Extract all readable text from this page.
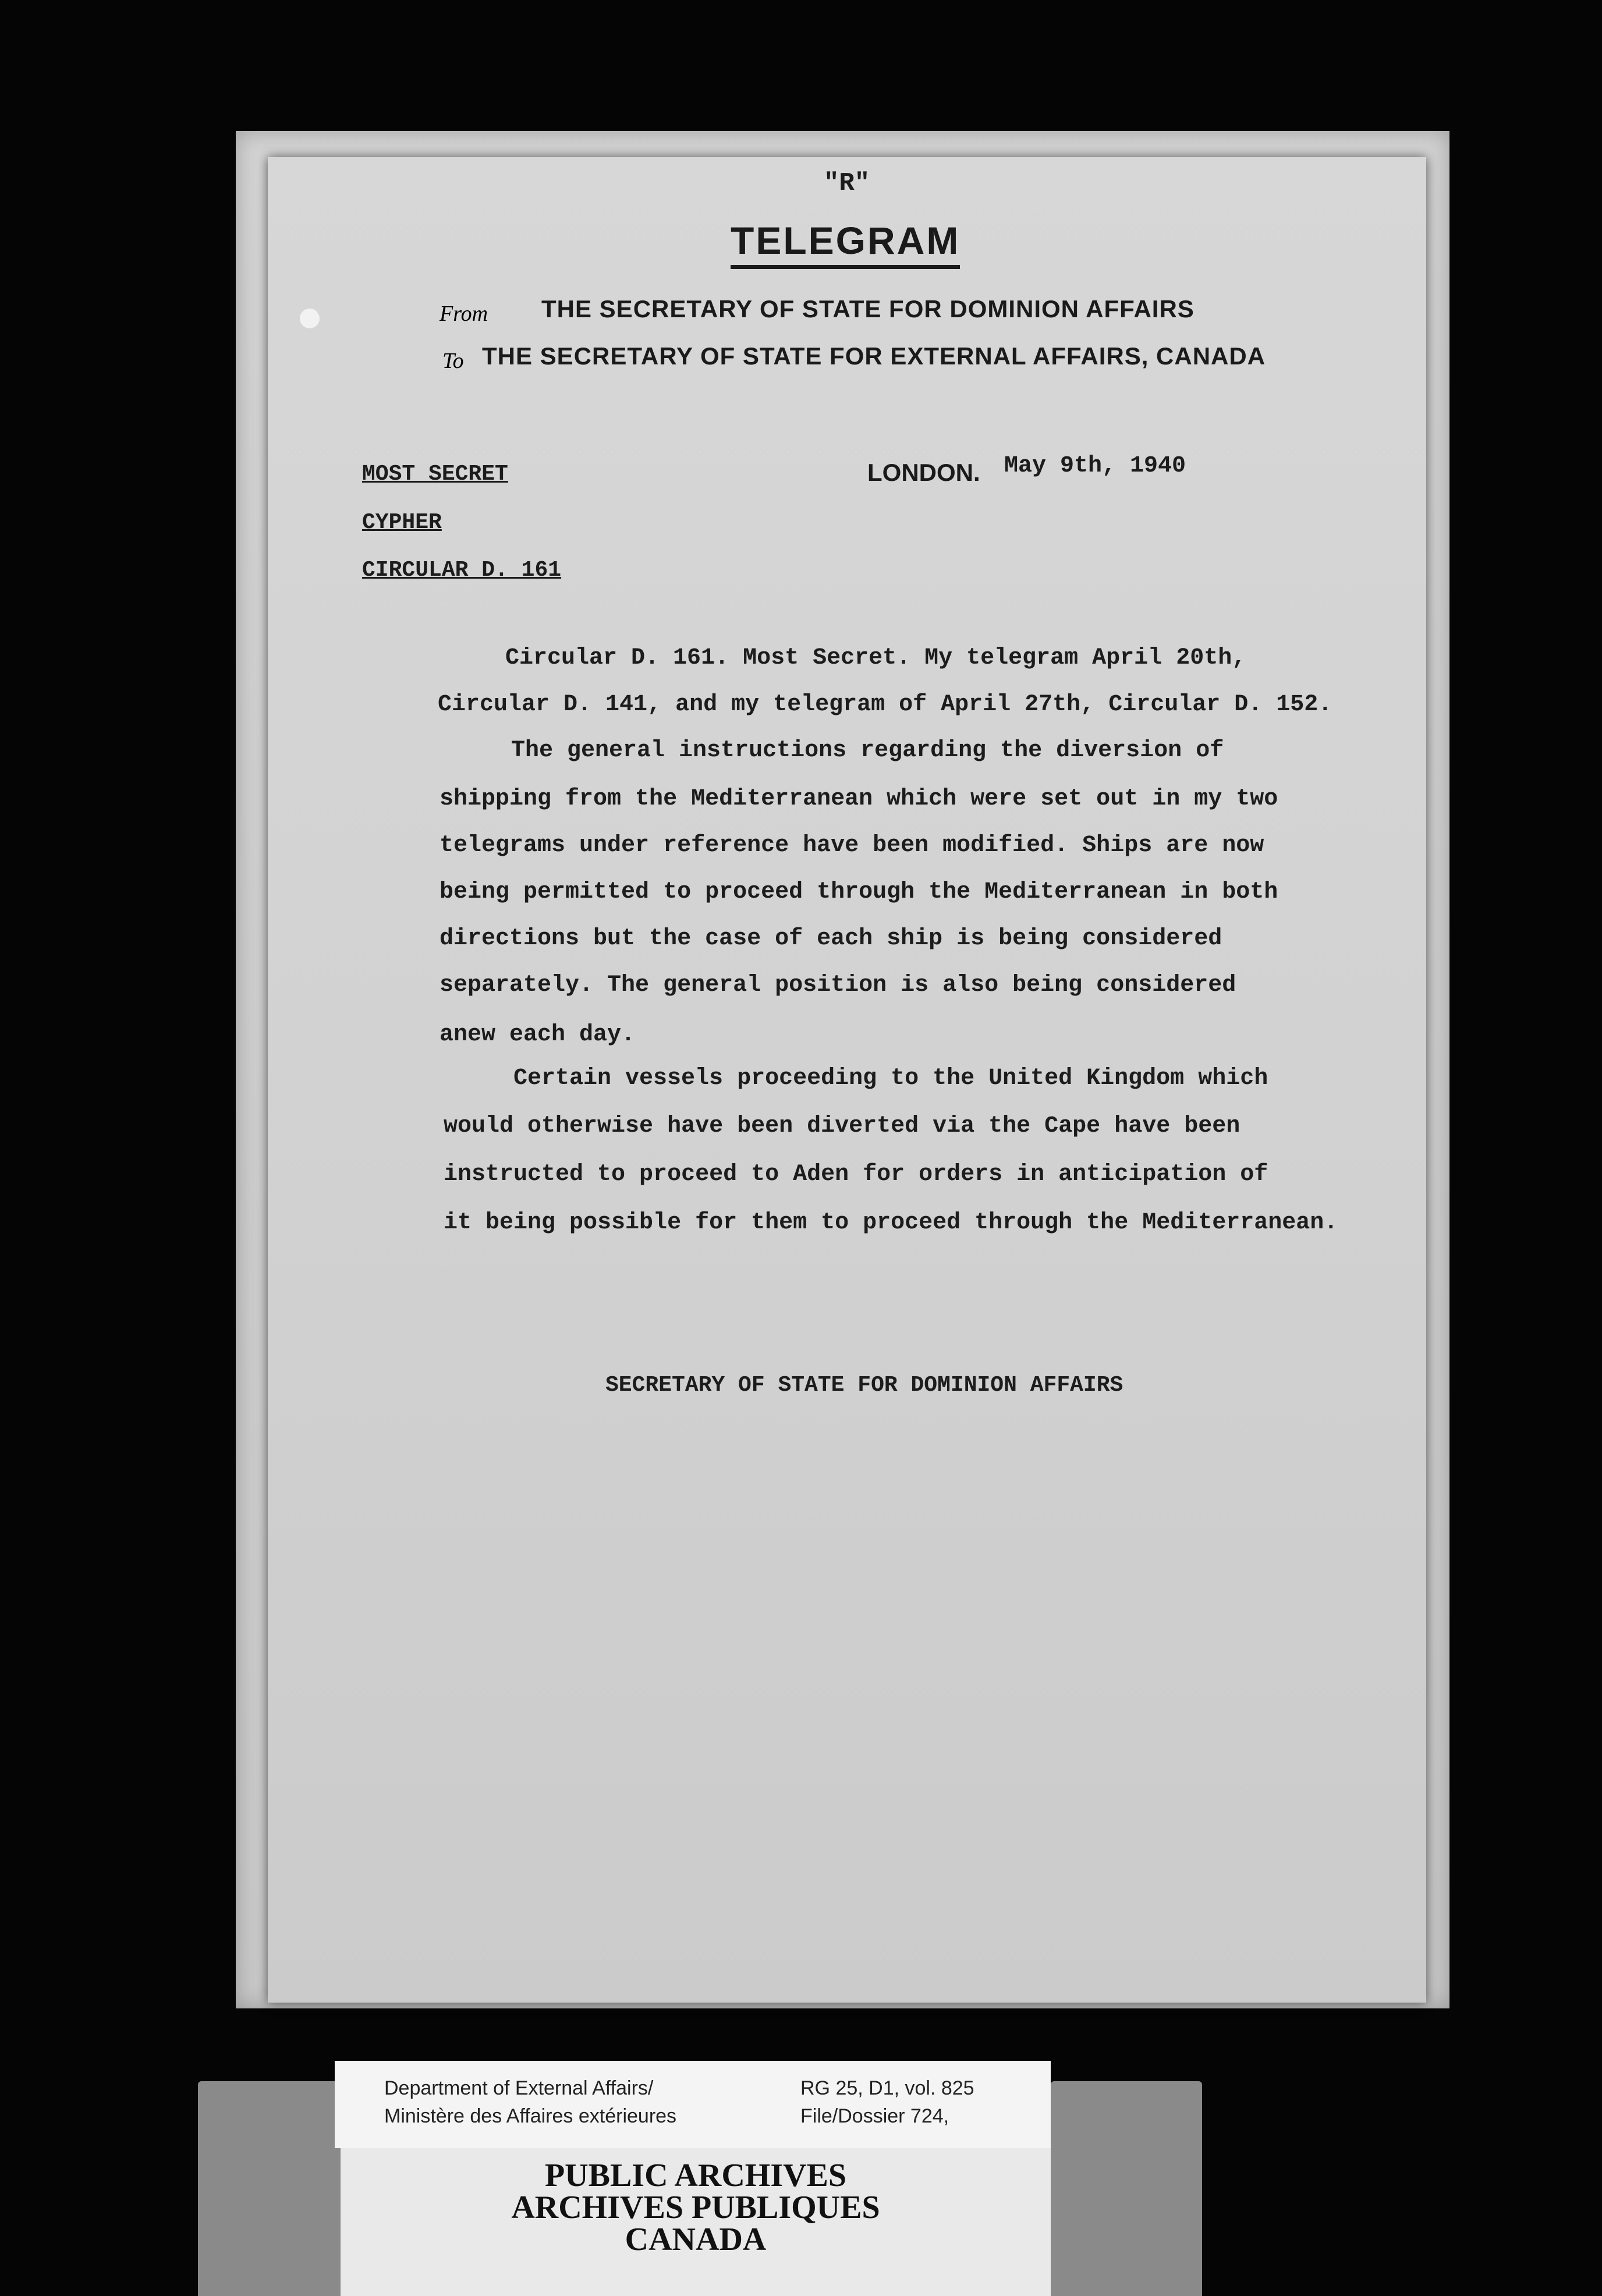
"R"
TELEGRAM
From THE SECRETARY OF STATE FOR DOMINION AFFAIRS
To THE SECRETARY OF STATE FOR EXTERNAL AFFAIRS, CANADA
MOST SECRET
CYPHER
CIRCULAR D. 161
LONDON. May 9th, 1940
Circular D. 161. Most Secret. My telegram April 20th,
Circular D. 141, and my telegram of April 27th, Circular D. 152.
The general instructions regarding the diversion of
shipping from the Mediterranean which were set out in my two
telegrams under reference have been modified. Ships are now
being permitted to proceed through the Mediterranean in both
directions but the case of each ship is being considered
separately. The general position is also being considered
anew each day.
Certain vessels proceeding to the United Kingdom which
would otherwise have been diverted via the Cape have been
instructed to proceed to Aden for orders in anticipation of
it being possible for them to proceed through the Mediterranean.
SECRETARY OF STATE FOR DOMINION AFFAIRS
Department of External Affairs/
Ministère des Affaires extérieures
RG 25, D1, vol. 825
File/Dossier 724,
PUBLIC ARCHIVES
ARCHIVES PUBLIQUES
CANADA
